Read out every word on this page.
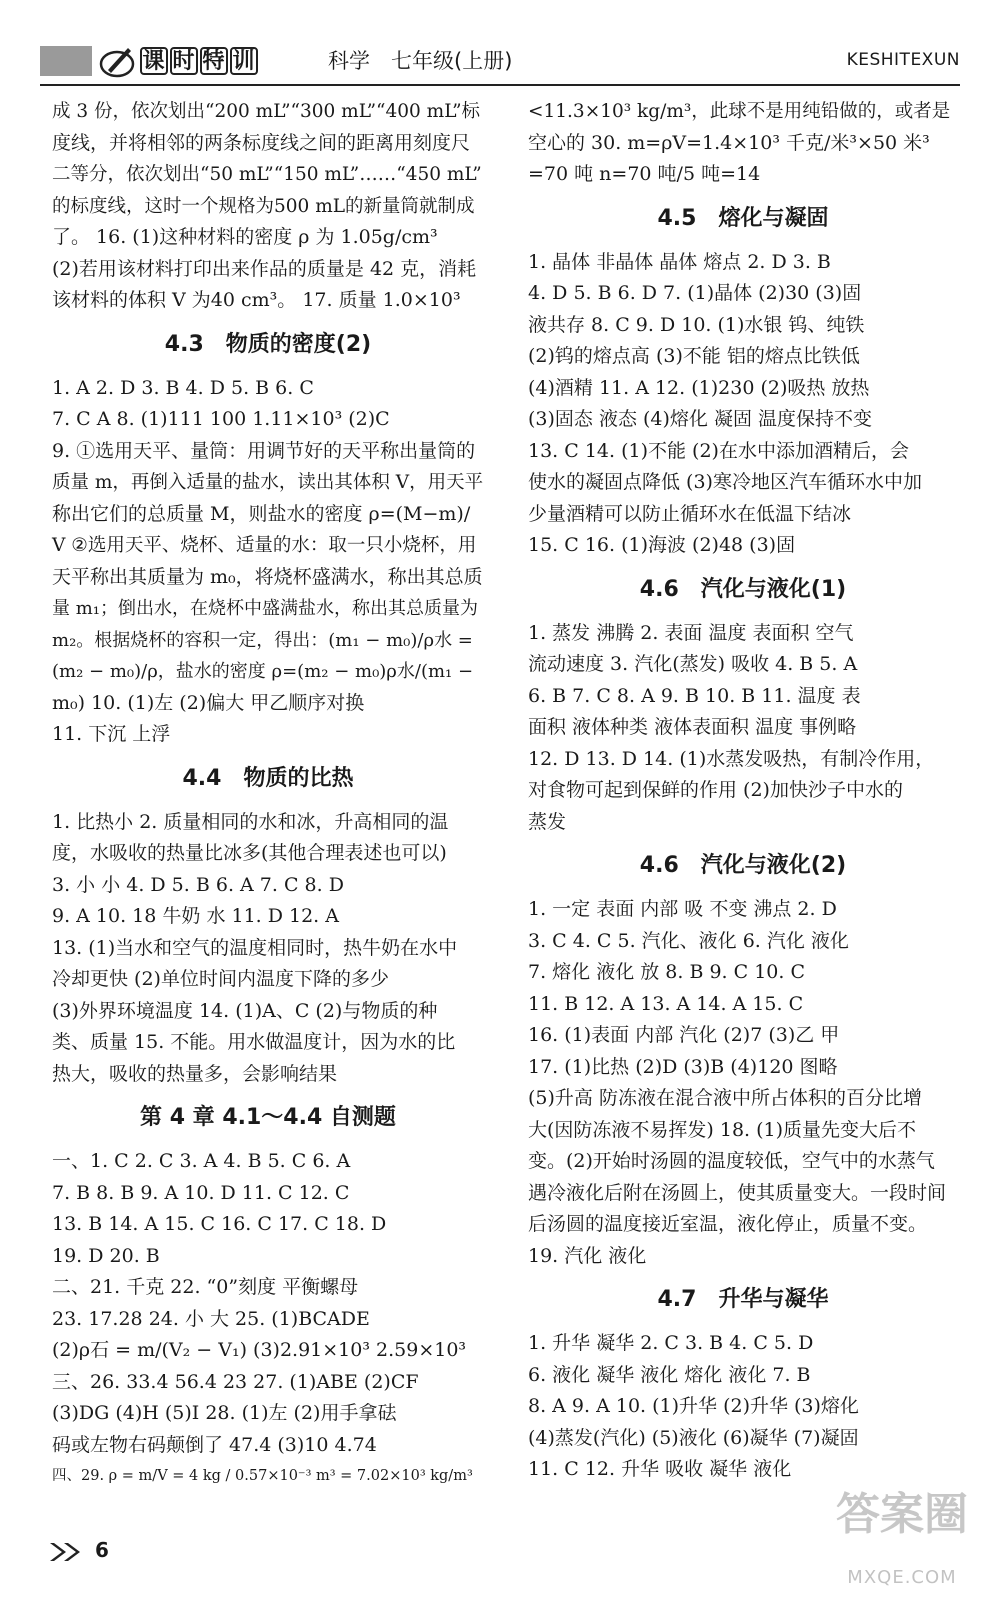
课 时 特 训	科学　七年级(上册)	KESHITEXUN
成 3 份，依次划出“200 mL”“300 mL”“400 mL”标
度线，并将相邻的两条标度线之间的距离用刻度尺
二等分，依次划出“50 mL”“150 mL”……“450 mL”
的标度线，这时一个规格为500 mL的新量筒就制成
了。 16. (1)这种材料的密度 ρ 为 1.05g/cm³
(2)若用该材料打印出来作品的质量是 42 克，消耗
该材料的体积 V 为40 cm³。 17. 质量 1.0×10³
4.3　物质的密度(2)
1. A 2. D 3. B 4. D 5. B 6. C
7. C A 8. (1)111 100 1.11×10³ (2)C
9. ①选用天平、量筒：用调节好的天平称出量筒的
质量 m，再倒入适量的盐水，读出其体积 V，用天平
称出它们的总质量 M，则盐水的密度 ρ=(M−m)/
V ②选用天平、烧杯、适量的水：取一只小烧杯，用
天平称出其质量为 m₀，将烧杯盛满水，称出其总质
量 m₁；倒出水，在烧杯中盛满盐水，称出其总质量为
m₂。根据烧杯的容积一定，得出：(m₁ − m₀)/ρ水 =
(m₂ − m₀)/ρ，盐水的密度 ρ=(m₂ − m₀)ρ水/(m₁ −
m₀) 10. (1)左 (2)偏大 甲乙顺序对换
11. 下沉 上浮
4.4　物质的比热
1. 比热小 2. 质量相同的水和冰，升高相同的温
度，水吸收的热量比冰多(其他合理表述也可以)
3. 小 小 4. D 5. B 6. A 7. C 8. D
9. A 10. 18 牛奶 水 11. D 12. A
13. (1)当水和空气的温度相同时，热牛奶在水中
冷却更快 (2)单位时间内温度下降的多少
(3)外界环境温度 14. (1)A、C (2)与物质的种
类、质量 15. 不能。用水做温度计，因为水的比
热大，吸收的热量多，会影响结果
第 4 章 4.1～4.4 自测题
一、1. C 2. C 3. A 4. B 5. C 6. A
7. B 8. B 9. A 10. D 11. C 12. C
13. B 14. A 15. C 16. C 17. C 18. D
19. D 20. B
二、21. 千克 22. “0”刻度 平衡螺母
23. 17.28 24. 小 大 25. (1)BCADE
(2)ρ石 = m/(V₂ − V₁) (3)2.91×10³ 2.59×10³
三、26. 33.4 56.4 23 27. (1)ABE (2)CF
(3)DG (4)H (5)I 28. (1)左 (2)用手拿砝
码或左物右码颠倒了 47.4 (3)10 4.74
四、29. ρ = m/V = 4 kg / 0.57×10⁻³ m³ = 7.02×10³ kg/m³
<11.3×10³ kg/m³，此球不是用纯铅做的，或者是
空心的 30. m=ρV=1.4×10³ 千克/米³×50 米³
=70 吨 n=70 吨/5 吨=14
4.5　熔化与凝固
1. 晶体 非晶体 晶体 熔点 2. D 3. B
4. D 5. B 6. D 7. (1)晶体 (2)30 (3)固
液共存 8. C 9. D 10. (1)水银 钨、纯铁
(2)钨的熔点高 (3)不能 铝的熔点比铁低
(4)酒精 11. A 12. (1)230 (2)吸热 放热
(3)固态 液态 (4)熔化 凝固 温度保持不变
13. C 14. (1)不能 (2)在水中添加酒精后，会
使水的凝固点降低 (3)寒冷地区汽车循环水中加
少量酒精可以防止循环水在低温下结冰
15. C 16. (1)海波 (2)48 (3)固
4.6　汽化与液化(1)
1. 蒸发 沸腾 2. 表面 温度 表面积 空气
流动速度 3. 汽化(蒸发) 吸收 4. B 5. A
6. B 7. C 8. A 9. B 10. B 11. 温度 表
面积 液体种类 液体表面积 温度 事例略
12. D 13. D 14. (1)水蒸发吸热，有制冷作用，
对食物可起到保鲜的作用 (2)加快沙子中水的
蒸发
4.6　汽化与液化(2)
1. 一定 表面 内部 吸 不变 沸点 2. D
3. C 4. C 5. 汽化、液化 6. 汽化 液化
7. 熔化 液化 放 8. B 9. C 10. C
11. B 12. A 13. A 14. A 15. C
16. (1)表面 内部 汽化 (2)7 (3)乙 甲
17. (1)比热 (2)D (3)B (4)120 图略
(5)升高 防冻液在混合液中所占体积的百分比增
大(因防冻液不易挥发) 18. (1)质量先变大后不
变。(2)开始时汤圆的温度较低，空气中的水蒸气
遇冷液化后附在汤圆上，使其质量变大。一段时间
后汤圆的温度接近室温，液化停止，质量不变。
19. 汽化 液化
4.7　升华与凝华
1. 升华 凝华 2. C 3. B 4. C 5. D
6. 液化 凝华 液化 熔化 液化 7. B
8. A 9. A 10. (1)升华 (2)升华 (3)熔化
(4)蒸发(汽化) (5)液化 (6)凝华 (7)凝固
11. C 12. 升华 吸收 凝华 液化
6
答案圈
MXQE.COM
